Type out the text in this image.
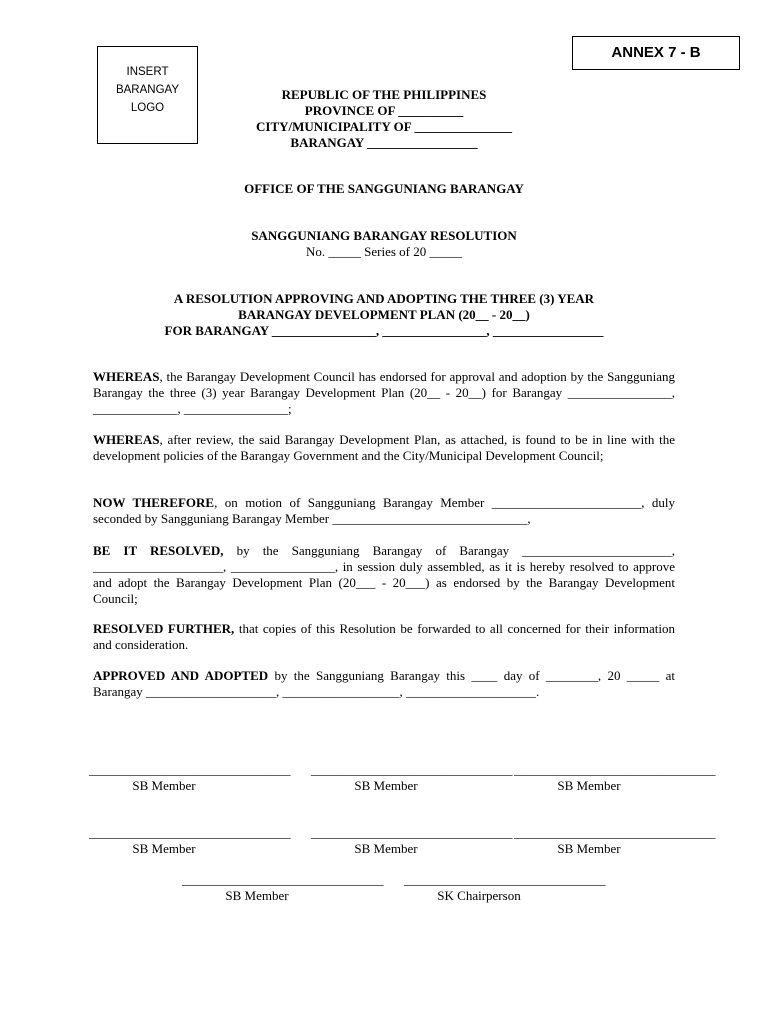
INSERT
BARANGAY
LOGO
ANNEX 7 - B
REPUBLIC OF THE PHILIPPINES
PROVINCE OF __________
CITY/MUNICIPALITY OF _______________
BARANGAY _________________
OFFICE OF THE SANGGUNIANG BARANGAY
SANGGUNIANG BARANGAY RESOLUTION
No. _____ Series of 20 _____
A RESOLUTION APPROVING AND ADOPTING THE THREE (3) YEAR
BARANGAY DEVELOPMENT PLAN (20__ - 20__)
FOR BARANGAY ________________, ________________, _________________

WHEREAS, the Barangay Development Council has endorsed for approval and adoption by the Sangguniang Barangay the three (3) year Barangay Development Plan (20__ - 20__) for Barangay ________________, _____________, ________________;

WHEREAS, after review, the said Barangay Development Plan, as attached, is found to be in line with the development policies of the Barangay Government and the City/Municipal Development Council;

NOW THEREFORE, on motion of Sangguniang Barangay Member _______________________, duly seconded by Sangguniang Barangay Member ______________________________,

BE IT RESOLVED, by the Sangguniang Barangay of Barangay _______________________, ____________________, ________________, in session duly assembled, as it is hereby resolved to approve and adopt the Barangay Development Plan (20___ - 20___) as endorsed by the Barangay Development Council;

RESOLVED FURTHER, that copies of this Resolution be forwarded to all concerned for their information and consideration.

APPROVED AND ADOPTED by the Sangguniang Barangay this ____ day of ________, 20 _____ at Barangay ____________________, __________________, ____________________.

_______________________________
SB Member
_______________________________
SB Member
_______________________________
SB Member
_______________________________
SB Member
_______________________________
SB Member
_______________________________
SB Member
_______________________________
SB Member
_______________________________
SK Chairperson
